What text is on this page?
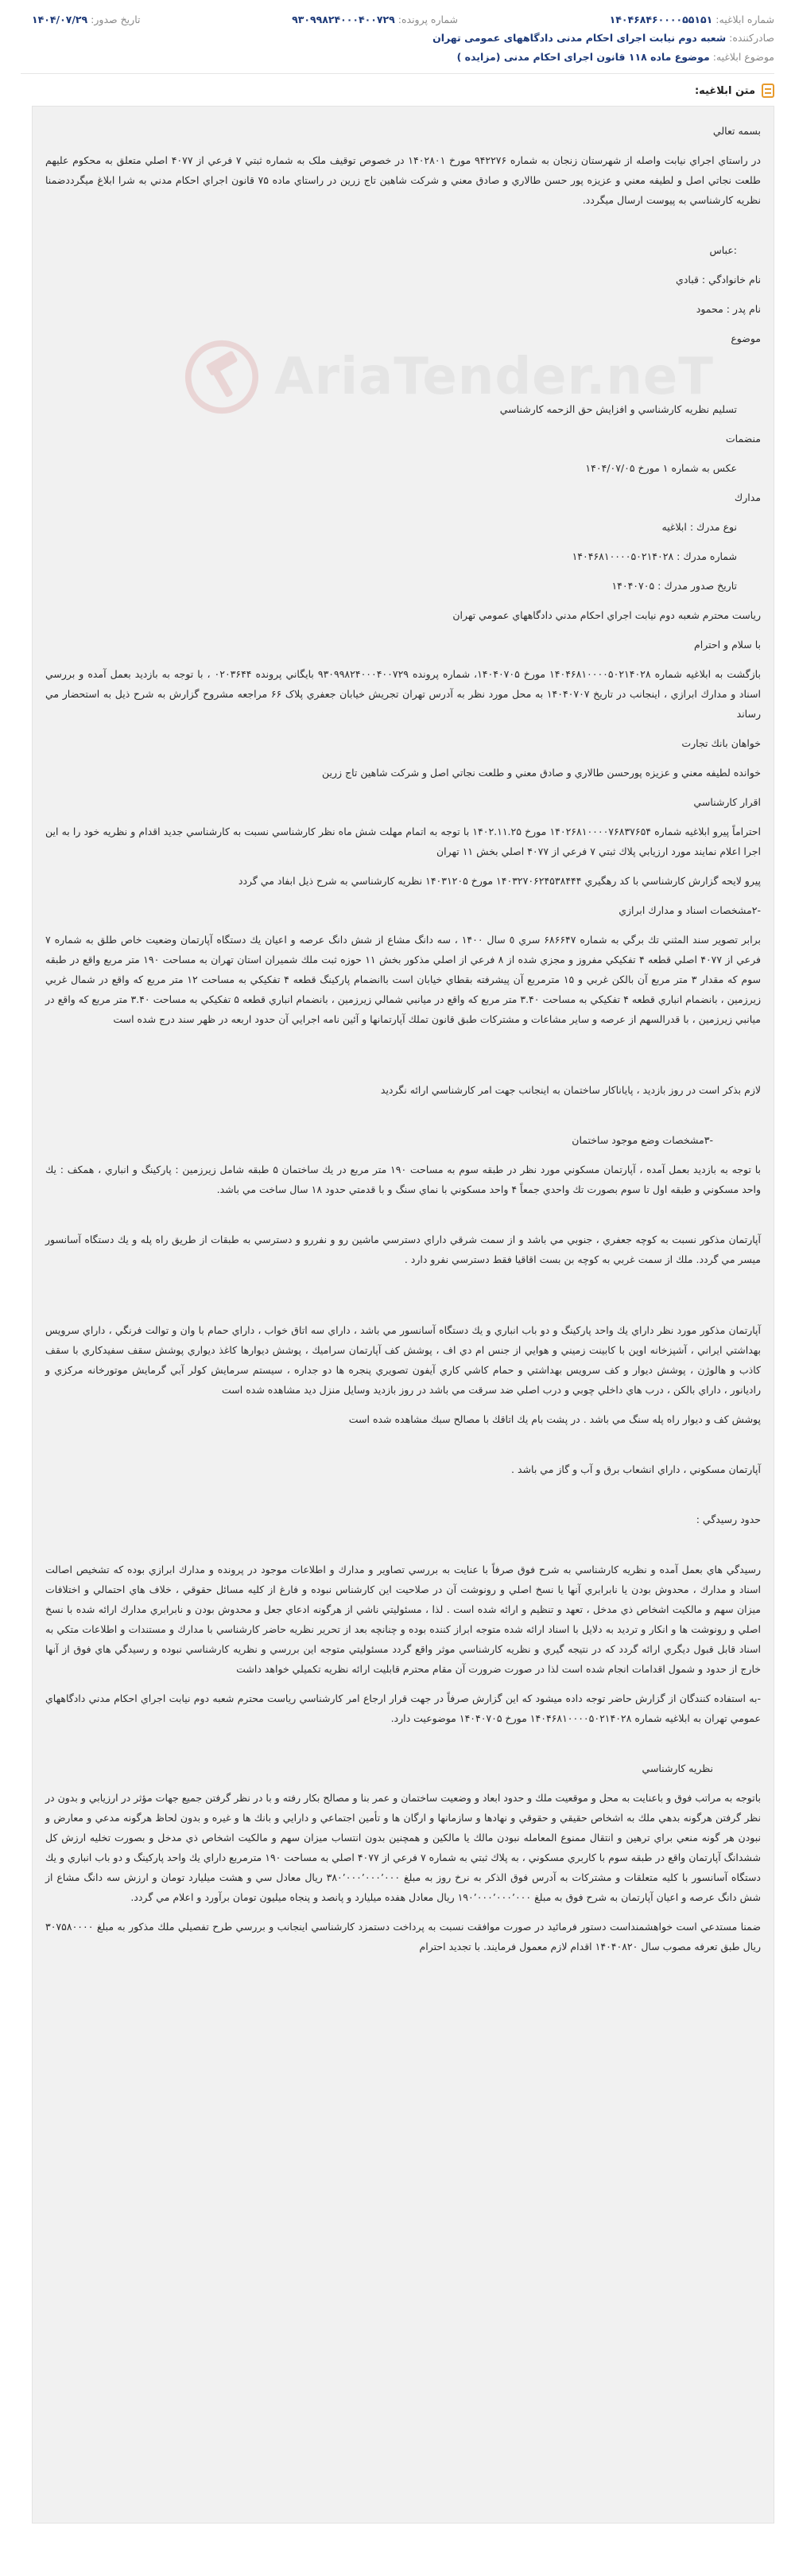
شماره ابلاغیه: ۱۴۰۴۶۸۴۶۰۰۰۰۵۵۱۵۱
شماره پرونده: ۹۳۰۹۹۸۲۴۰۰۰۴۰۰۷۲۹
تاریخ صدور: ۱۴۰۴/۰۷/۲۹
صادرکننده: شعبه دوم نیابت اجرای احکام مدنی دادگاههای عمومی تهران
موضوع ابلاغیه: موضوع ماده ۱۱۸ قانون اجرای احکام مدنی (مزایده )
متن ابلاغیه:
AriaTender.neT

بسمه تعالي

در راستاي اجراي نيابت واصله از شهرستان زنجان به شماره ۹۴۲۲۷۶ مورخ ۱۴۰۲۸۰۱ در خصوص توقيف ملک به شماره ثبتي ۷ فرعي از ۴۰۷۷ اصلي متعلق به محکوم عليهم طلعت نجاتي اصل و لطيفه معني و عزيزه پور حسن طالاري و صادق معني و شرکت شاهين تاج زرين در راستاي ماده ۷۵ قانون اجراي احکام مدني به شرا ابلاغ ميگرددضمنا نظريه کارشناسي به پيوست ارسال ميگردد.

:عباس

نام خانوادگي : قبادي

نام پدر : محمود

موضوع

تسليم نظريه کارشناسي و افزايش حق الزحمه کارشناسي

منضمات

عکس به شماره ۱ مورخ ۱۴۰۴/۰۷/۰۵

مدارك

نوع مدرك : ابلاغيه

شماره مدرك : ۱۴۰۴۶۸۱۰۰۰۰۵۰۲۱۴۰۲۸

تاريخ صدور مدرك : ۱۴۰۴۰۷۰۵

رياست محترم شعبه دوم نيابت اجراي احكام مدني دادگاههاي عمومي تهران

با سلام و احترام

بازگشت به ابلاغيه شماره ۱۴۰۴۶۸۱۰۰۰۰۵۰۲۱۴۰۲۸ مورخ ۱۴۰۴۰۷۰۵، شماره پرونده ۹۳۰۹۹۸۲۴۰۰۰۴۰۰۷۲۹ بايگاني پرونده ۰۲۰۳۶۴۴ ، با توجه به بازديد بعمل آمده و بررسي اسناد و مدارك ابرازي ، اينجانب در تاريخ ۱۴۰۴۰۷۰۷ به محل مورد نظر به آدرس تهران تجريش خيابان جعفري پلاک ۶۶ مراجعه مشروح گزارش به شرح ذيل به استحضار مي رساند

خواهان بانك تجارت

خوانده لطيفه معني و عزيزه پورحسن طالاري و صادق معني و طلعت نجاتي اصل و شرکت شاهين تاج زرين

اقرار کارشناسي

احتراماً پيرو ابلاغيه شماره ۱۴۰۲۶۸۱۰۰۰۰۷۶۸۳۷۶۵۴ مورخ ۱۴۰۲.۱۱.۲۵ با توجه به اتمام مهلت شش ماه نظر كارشناسي نسبت به کارشناسي جديد اقدام و نظريه خود را به اين اجرا اعلام نمايند مورد ارزيابي پلاك ثبتي ۷ فرعي از ۴۰۷۷ اصلي بخش ۱۱ تهران

پيرو لايحه گزارش كارشناسي با كد رهگيري ۱۴۰۳۲۷۰۶۲۴۵۳۸۴۴۴ مورخ ۱۴۰۳۱۲۰۵ نظريه کارشناسي به شرح ذيل ابفاد مي گردد

-۲مشخصات اسناد و مدارك ابرازي

برابر تصوير سند المثني تك برگي به شماره ۶۸۶۶۴۷ سري ٥ سال ۱۴۰۰ ، سه دانگ مشاع از شش دانگ عرصه و اعيان يك دستگاه آپارتمان وضعيت خاص طلق به شماره ۷ فرعي از ۴۰۷۷ اصلي قطعه ۴ تفكيكي مفروز و مجزي شده از ۸ فرعي از اصلي مذکور بخش ۱۱ حوزه ثبت ملك شميران استان تهران به مساحت ۱۹۰ متر مربع واقع در طبقه سوم كه مقدار ۳ متر مربع آن بالكن غربي و ۱۵ مترمربع آن پيشرفته بقطاي خيابان است باانضمام پاركينگ قطعه ۴ تفكيكي به مساحت ۱۲ متر مربع كه واقع در شمال غربي زيرزمين ، بانضمام انباري قطعه ۴ تفكيكي به مساحت ۳.۴۰ متر مربع كه واقع در ميانبي شمالي زيرزمين ، بانضمام انباري قطعه ۵ تفكيكي به مساحت ۳.۴۰ متر مربع كه واقع در ميانبي زيرزمين ، با قدرالسهم از عرصه و ساير مشاعات و مشتركات طبق قانون تملك آپارتمانها و آئين نامه اجرايي آن حدود اربعه در ظهر سند درج شده است

لازم بذكر است در روز بازديد ، پاياناكار ساختمان به اينجانب جهت امر كارشناسي ارائه نگرديد

-۳مشخصات وضع موجود ساختمان

با توجه به بازديد بعمل آمده ، آپارتمان مسكوني مورد نظر در طبقه سوم به مساحت ۱۹۰ متر مربع در يك ساختمان ۵ طبقه شامل زيرزمين : پاركينگ و انباري ، همكف : يك واحد مسكوني و طبقه اول تا سوم بصورت تك واحدي جمعاً ۴ واحد مسكوني با نماي سنگ و با قدمتي حدود ۱۸ سال ساخت مي باشد.

آپارتمان مذكور نسبت به كوچه جعفري ، جنوبي مي باشد و از سمت شرقي داراي دسترسي ماشين رو و نفررو و دسترسي به طبقات از طريق راه پله و يك دستگاه آسانسور ميسر مي گردد. ملك از سمت غربي به كوچه بن بست اقاقيا فقط دسترسي نفرو دارد .

آپارتمان مذكور مورد نظر داراي يك واحد پاركينگ و دو باب انباري و يك دستگاه آسانسور مي باشد ، داراي سه اتاق خواب ، داراي حمام با وان و توالت فرنگي ، داراي سرويس بهداشتي ايراني ، آشپزخانه اوپن با كابينت زميني و هوايي از جنس ام دي اف ، پوشش كف آپارتمان سراميك ، پوشش ديوارها كاغذ ديواري پوشش سقف سفيدكاري با سقف كاذب و هالوژن ، پوشش ديوار و كف سرويس بهداشتي و حمام كاشي كاري آيفون تصويري پنجره ها دو جداره ، سيستم سرمايش كولر آبي گرمايش موتورخانه مركزي و راديانور ، داراي بالكن ، درب هاي داخلي چوبي و درب اصلي ضد سرقت مي باشد در روز بازديد وسايل منزل ديد مشاهده شده است

پوشش كف و ديوار راه پله سنگ مي باشد . در پشت بام يك اتاقك با مصالح سبك مشاهده شده است

آپارتمان مسكوني ، داراي انشعاب برق و آب و گاز مي باشد .

حدود رسيدگي :

رسيدگي هاي بعمل آمده و نظريه كارشناسي به شرح فوق صرفاً با عنايت به بررسي تصاوير و مدارك و اطلاعات موجود در پرونده و مدارك ابرازي بوده كه تشخيص اصالت اسناد و مدارك ، محدوش بودن يا نابرابري آنها يا نسخ اصلي و رونوشت آن در صلاحيت اين كارشناس نبوده و فارغ از كليه مسائل حقوقي ، خلاف هاي احتمالي و اختلافات ميزان سهم و مالكيت اشخاص ذي مدخل ، تعهد و تنظيم و ارائه شده است . لذا ، مسئوليتي ناشي از هرگونه ادعاي جعل و محدوش بودن و نابرابري مدارك ارائه شده با نسخ اصلي و رونوشت ها و انكار و ترديد به دلايل با اسناد ارائه شده متوجه ابراز كننده بوده و چنانچه بعد از تحرير نظريه حاضر كارشناسي با مدارك و مستندات و اطلاعات متكي به اسناد قابل قبول ديگري ارائه گردد كه در نتيجه گيري و نظريه كارشناسي موثر واقع گردد مسئوليتي متوجه اين بررسي و نظريه كارشناسي نبوده و رسيدگي هاي فوق از آنها خارج از حدود و شمول اقدامات انجام شده است لذا در صورت ضرورت آن مقام محترم قابليت ارائه نظريه تكميلي خواهد داشت

-به استفاده كنندگان از گزارش حاضر توجه داده ميشود كه اين گزارش صرفاً در جهت قرار ارجاع امر كارشناسي رياست محترم شعبه دوم نيابت اجراي احكام مدني دادگاههاي عمومي تهران به ابلاغيه شماره ۱۴۰۴۶۸۱۰۰۰۰۵۰۲۱۴۰۲۸ مورخ ۱۴۰۴۰۷۰۵ موضوعيت دارد.

نظريه كارشناسي

باتوجه به مراتب فوق و باعنايت به محل و موقعيت ملك و حدود ابعاد و وضعيت ساختمان و عمر بنا و مصالح بكار رفته و با در نظر گرفتن جميع جهات مؤثر در ارزيابي و بدون در نظر گرفتن هرگونه بدهي ملك به اشخاص حقيقي و حقوقي و نهادها و سازمانها و ارگان ها و تأمين اجتماعي و دارايي و بانك ها و غيره و بدون لحاظ هرگونه مدعي و معارض و نبودن هر گونه منعي براي ترهين و انتقال ممنوع المعامله نبودن مالك يا مالكين و همچنين بدون انتساب ميزان سهم و مالكيت اشخاص ذي مدخل و بصورت تخليه ارزش كل ششدانگ آپارتمان واقع در طبقه سوم با كاربري مسكوني ، به پلاك ثبتي به شماره ۷ فرعي از ۴۰۷۷ اصلي به مساحت ۱۹۰ مترمربع داراي يك واحد پاركينگ و دو باب انباري و يك دستگاه آسانسور با كليه متعلقات و مشتركات به آدرس فوق الذكر به نرخ روز به مبلغ ۳۸۰٬۰۰۰٬۰۰۰٬۰۰۰ ريال معادل سي و هشت ميليارد تومان و ارزش سه دانگ مشاع از شش دانگ عرصه و اعيان آپارتمان به شرح فوق به مبلغ ۱۹۰٬۰۰۰٬۰۰۰٬۰۰۰ ريال معادل هفده ميليارد و پانصد و پنجاه ميليون تومان برآورد و اعلام مي گردد.

ضمنا مستدعي است خواهشمنداست دستور فرمائيد در صورت موافقت نسبت به پرداخت دستمزد كارشناسي اينجانب و بررسي طرح تفصيلي ملك مذكور به مبلغ ۳۰۷۵۸۰۰۰۰ ريال طبق تعرفه مصوب سال ۱۴۰۴۰۸۲۰ اقدام لازم معمول فرمايند. با تجديد احترام
